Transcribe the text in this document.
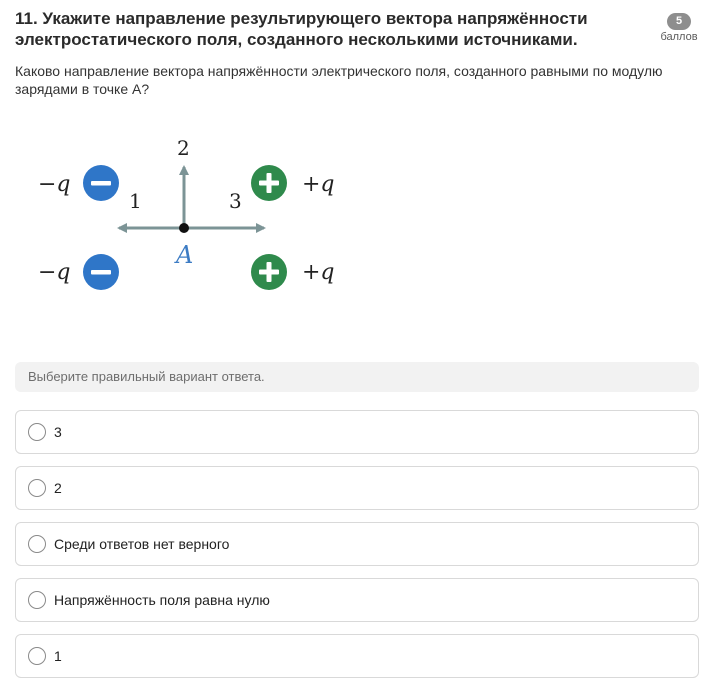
11. Укажите направление результирующего вектора напряжённости электростатического поля, созданного несколькими источниками.
5
баллов
Каково направление вектора напряжённости электрического поля, созданного равными по модулю зарядами в точке A?
1
2
3
A
−q
−q
+q
+q
Выберите правильный вариант ответа.
3
2
Среди ответов нет верного
Напряжённость поля равна нулю
1
